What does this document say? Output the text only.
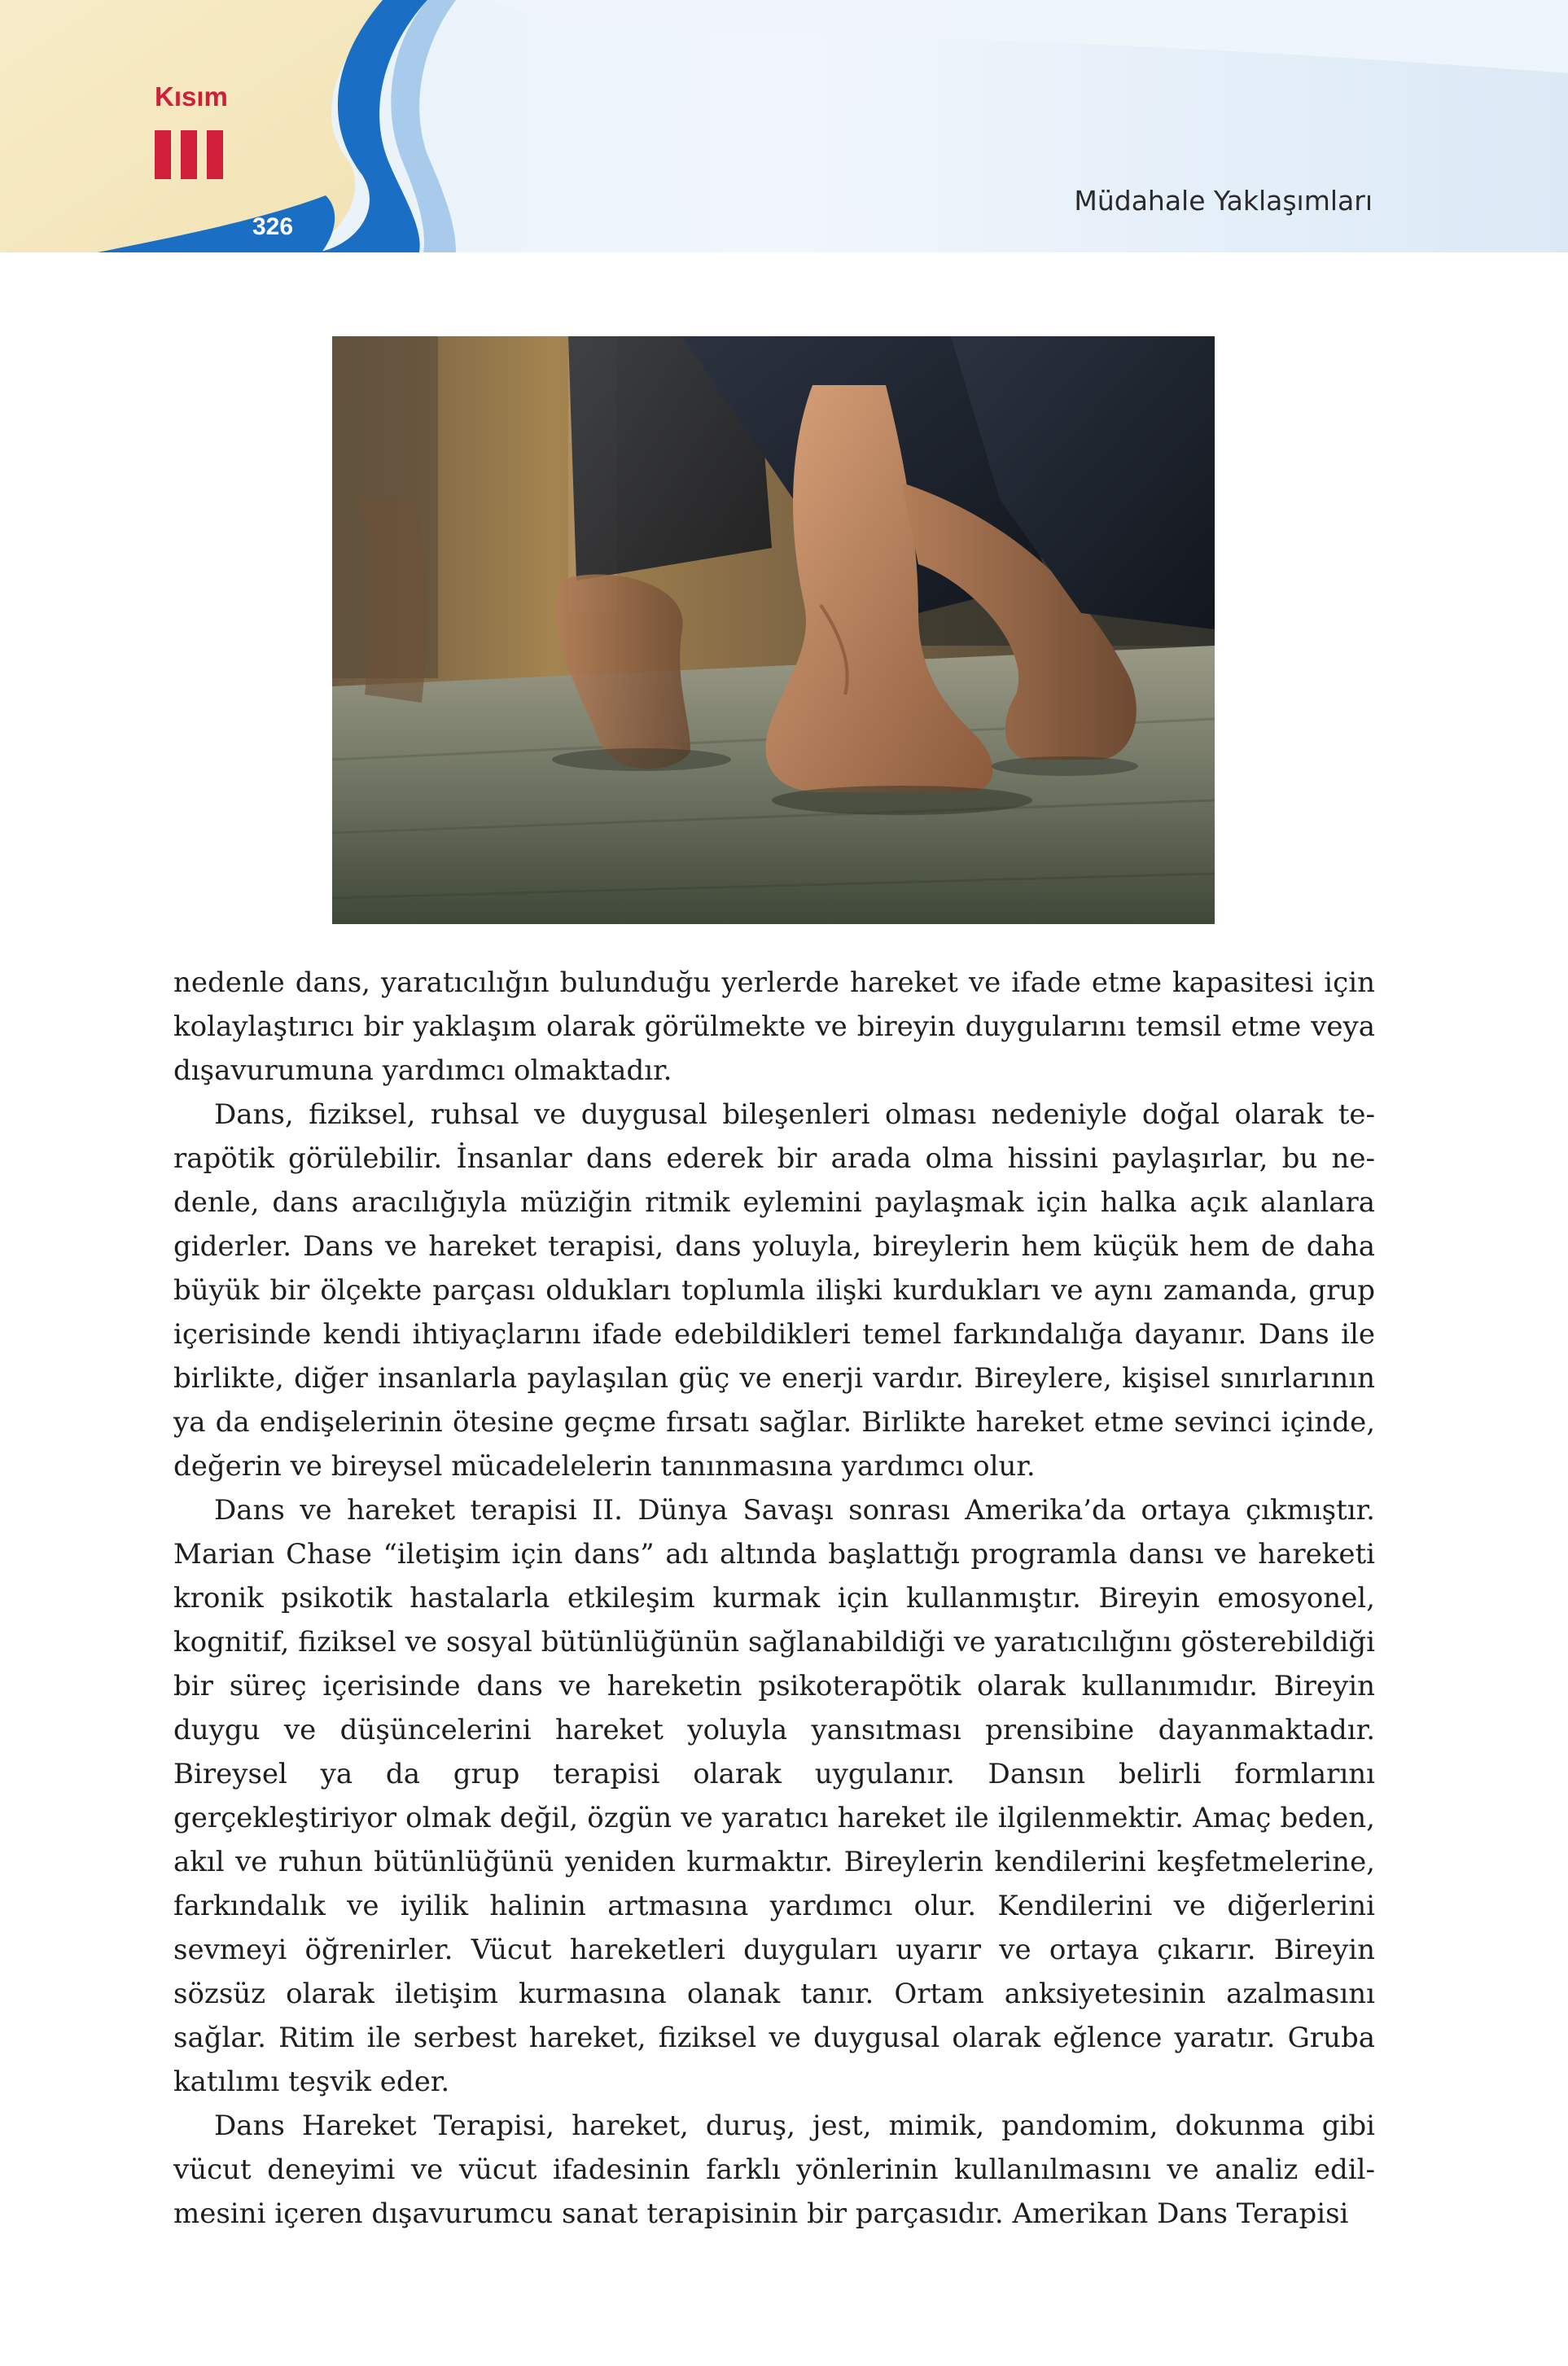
Kısım
326
Müdahale Yaklaşımları

nedenle dans, yaratıcılığın bulunduğu yerlerde hareket ve ifade etme kapasitesi için kolaylaştırıcı bir yaklaşım olarak görülmekte ve bireyin duygularını temsil etme veya dışavurumuna yardımcı olmaktadır.

Dans, fiziksel, ruhsal ve duygusal bileşenleri olması nedeniyle doğal olarak terapötik görülebilir. İnsanlar dans ederek bir arada olma hissini paylaşırlar, bu nedenle, dans aracılığıyla müziğin ritmik eylemini paylaşmak için halka açık alanlara giderler. Dans ve hareket terapisi, dans yoluyla, bireylerin hem küçük hem de daha büyük bir ölçekte parçası oldukları toplumla ilişki kurdukları ve aynı zamanda, grup içerisinde kendi ihtiyaçlarını ifade edebildikleri temel farkındalığa dayanır. Dans ile birlikte, diğer insanlarla paylaşılan güç ve enerji vardır. Bireylere, kişisel sınırlarının ya da endişelerinin ötesine geçme fırsatı sağlar. Birlikte hareket etme sevinci içinde, değerin ve bireysel mücadelelerin tanınmasına yardımcı olur.

Dans ve hareket terapisi II. Dünya Savaşı sonrası Amerika’da ortaya çıkmıştır. Marian Chase “iletişim için dans” adı altında başlattığı programla dansı ve hareketi kronik psikotik hastalarla etkileşim kurmak için kullanmıştır. Bireyin emosyonel, kognitif, fiziksel ve sosyal bütünlüğünün sağlanabildiği ve yaratıcılığını gösterebildiği bir süreç içerisinde dans ve hareketin psikoterapötik olarak kullanımıdır. Bireyin duygu ve düşüncelerini hareket yoluyla yansıtması prensibine dayanmaktadır. Bireysel ya da grup terapisi olarak uygulanır. Dansın belirli formlarını gerçekleştiriyor olmak değil, özgün ve yaratıcı hareket ile ilgilenmektir. Amaç beden, akıl ve ruhun bütünlüğünü yeniden kurmaktır. Bireylerin kendilerini keşfetmelerine, farkındalık ve iyilik halinin artmasına yardımcı olur. Kendilerini ve diğerlerini sevmeyi öğrenirler. Vücut hareketleri duyguları uyarır ve ortaya çıkarır. Bireyin sözsüz olarak iletişim kurmasına olanak tanır. Ortam anksiyetesinin azalmasını sağlar. Ritim ile serbest hareket, fiziksel ve duygusal olarak eğlence yaratır. Gruba katılımı teşvik eder.

Dans Hareket Terapisi, hareket, duruş, jest, mimik, pandomim, dokunma gibi vücut deneyimi ve vücut ifadesinin farklı yönlerinin kullanılmasını ve analiz edilmesini içeren dışavurumcu sanat terapisinin bir parçasıdır. Amerikan Dans Terapisi
